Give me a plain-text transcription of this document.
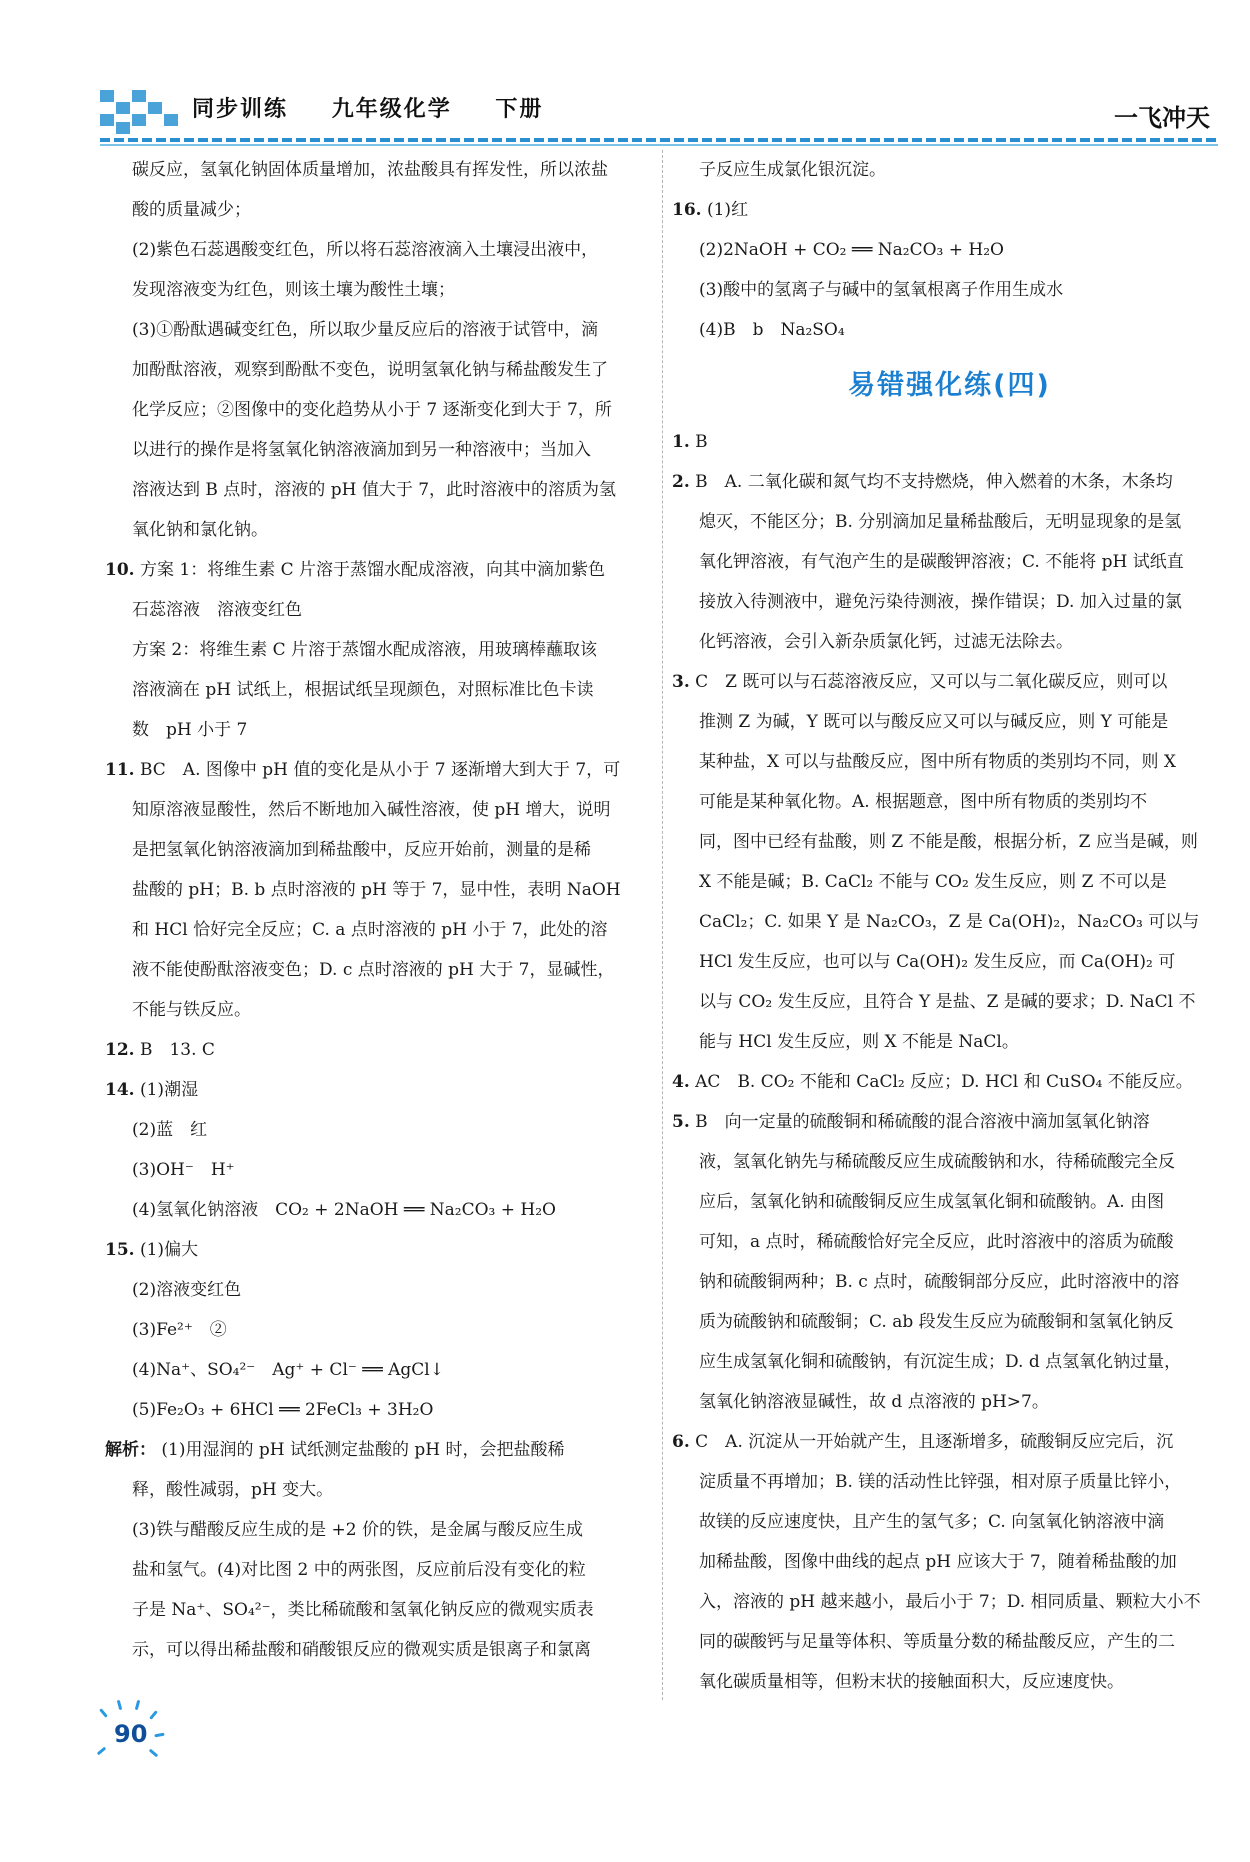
同步训练 九年级化学 下册	一飞冲天

碳反应，氢氧化钠固体质量增加，浓盐酸具有挥发性，所以浓盐

酸的质量减少；

(2)紫色石蕊遇酸变红色，所以将石蕊溶液滴入土壤浸出液中，

发现溶液变为红色，则该土壤为酸性土壤；

(3)①酚酞遇碱变红色，所以取少量反应后的溶液于试管中，滴

加酚酞溶液，观察到酚酞不变色，说明氢氧化钠与稀盐酸发生了

化学反应；②图像中的变化趋势从小于 7 逐渐变化到大于 7，所

以进行的操作是将氢氧化钠溶液滴加到另一种溶液中；当加入

溶液达到 B 点时，溶液的 pH 值大于 7，此时溶液中的溶质为氢

氧化钠和氯化钠。

10. 方案 1：将维生素 C 片溶于蒸馏水配成溶液，向其中滴加紫色

石蕊溶液　溶液变红色

方案 2：将维生素 C 片溶于蒸馏水配成溶液，用玻璃棒蘸取该

溶液滴在 pH 试纸上，根据试纸呈现颜色，对照标准比色卡读

数　pH 小于 7

11. BC　A. 图像中 pH 值的变化是从小于 7 逐渐增大到大于 7，可

知原溶液显酸性，然后不断地加入碱性溶液，使 pH 增大，说明

是把氢氧化钠溶液滴加到稀盐酸中，反应开始前，测量的是稀

盐酸的 pH；B. b 点时溶液的 pH 等于 7，显中性，表明 NaOH

和 HCl 恰好完全反应；C. a 点时溶液的 pH 小于 7，此处的溶

液不能使酚酞溶液变色；D. c 点时溶液的 pH 大于 7，显碱性，

不能与铁反应。

12. B　13. C

14. (1)潮湿

(2)蓝　红

(3)OH⁻　H⁺

(4)氢氧化钠溶液　CO₂ + 2NaOH ══ Na₂CO₃ + H₂O

15. (1)偏大

(2)溶液变红色

(3)Fe²⁺　②

(4)Na⁺、SO₄²⁻　Ag⁺ + Cl⁻ ══ AgCl↓

(5)Fe₂O₃ + 6HCl ══ 2FeCl₃ + 3H₂O

解析： (1)用湿润的 pH 试纸测定盐酸的 pH 时，会把盐酸稀

释，酸性减弱，pH 变大。

(3)铁与醋酸反应生成的是 +2 价的铁，是金属与酸反应生成

盐和氢气。(4)对比图 2 中的两张图，反应前后没有变化的粒

子是 Na⁺、SO₄²⁻，类比稀硫酸和氢氧化钠反应的微观实质表

示，可以得出稀盐酸和硝酸银反应的微观实质是银离子和氯离

子反应生成氯化银沉淀。

16. (1)红

(2)2NaOH + CO₂ ══ Na₂CO₃ + H₂O

(3)酸中的氢离子与碱中的氢氧根离子作用生成水

(4)B　b　Na₂SO₄

易错强化练(四)

1. B

2. B　A. 二氧化碳和氮气均不支持燃烧，伸入燃着的木条，木条均

熄灭，不能区分；B. 分别滴加足量稀盐酸后，无明显现象的是氢

氧化钾溶液，有气泡产生的是碳酸钾溶液；C. 不能将 pH 试纸直

接放入待测液中，避免污染待测液，操作错误；D. 加入过量的氯

化钙溶液，会引入新杂质氯化钙，过滤无法除去。

3. C　Z 既可以与石蕊溶液反应，又可以与二氧化碳反应，则可以

推测 Z 为碱，Y 既可以与酸反应又可以与碱反应，则 Y 可能是

某种盐，X 可以与盐酸反应，图中所有物质的类别均不同，则 X

可能是某种氧化物。A. 根据题意，图中所有物质的类别均不

同，图中已经有盐酸，则 Z 不能是酸，根据分析，Z 应当是碱，则

X 不能是碱；B. CaCl₂ 不能与 CO₂ 发生反应，则 Z 不可以是

CaCl₂；C. 如果 Y 是 Na₂CO₃，Z 是 Ca(OH)₂，Na₂CO₃ 可以与

HCl 发生反应，也可以与 Ca(OH)₂ 发生反应，而 Ca(OH)₂ 可

以与 CO₂ 发生反应，且符合 Y 是盐、Z 是碱的要求；D. NaCl 不

能与 HCl 发生反应，则 X 不能是 NaCl。

4. AC　B. CO₂ 不能和 CaCl₂ 反应；D. HCl 和 CuSO₄ 不能反应。

5. B　向一定量的硫酸铜和稀硫酸的混合溶液中滴加氢氧化钠溶

液，氢氧化钠先与稀硫酸反应生成硫酸钠和水，待稀硫酸完全反

应后，氢氧化钠和硫酸铜反应生成氢氧化铜和硫酸钠。A. 由图

可知，a 点时，稀硫酸恰好完全反应，此时溶液中的溶质为硫酸

钠和硫酸铜两种；B. c 点时，硫酸铜部分反应，此时溶液中的溶

质为硫酸钠和硫酸铜；C. ab 段发生反应为硫酸铜和氢氧化钠反

应生成氢氧化铜和硫酸钠，有沉淀生成；D. d 点氢氧化钠过量，

氢氧化钠溶液显碱性，故 d 点溶液的 pH>7。

6. C　A. 沉淀从一开始就产生，且逐渐增多，硫酸铜反应完后，沉

淀质量不再增加；B. 镁的活动性比锌强，相对原子质量比锌小，

故镁的反应速度快，且产生的氢气多；C. 向氢氧化钠溶液中滴

加稀盐酸，图像中曲线的起点 pH 应该大于 7，随着稀盐酸的加

入，溶液的 pH 越来越小，最后小于 7；D. 相同质量、颗粒大小不

同的碳酸钙与足量等体积、等质量分数的稀盐酸反应，产生的二

氧化碳质量相等，但粉末状的接触面积大，反应速度快。

90
